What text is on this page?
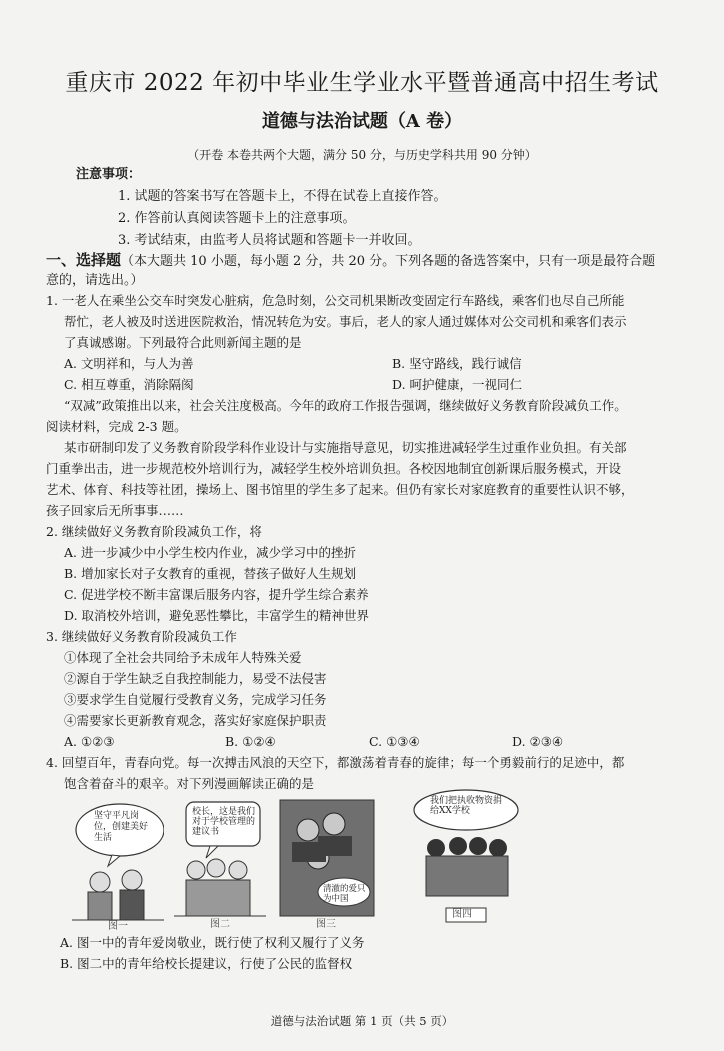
重庆市 2022 年初中毕业生学业水平暨普通高中招生考试
道德与法治试题（A 卷）
（开卷 本卷共两个大题，满分 50 分，与历史学科共用 90 分钟）
注意事项：
1. 试题的答案书写在答题卡上，不得在试卷上直接作答。
2. 作答前认真阅读答题卡上的注意事项。
3. 考试结束，由监考人员将试题和答题卡一并收回。
一、选择题（本大题共 10 小题，每小题 2 分，共 20 分。下列各题的备选答案中，只有一项是最符合题
意的，请选出。）
1. 一老人在乘坐公交车时突发心脏病，危急时刻，公交司机果断改变固定行车路线，乘客们也尽自己所能
帮忙，老人被及时送进医院救治，情况转危为安。事后，老人的家人通过媒体对公交司机和乘客们表示
了真诚感谢。下列最符合此则新闻主题的是
A. 文明祥和，与人为善	B. 坚守路线，践行诚信
C. 相互尊重，消除隔阂	D. 呵护健康，一视同仁
“双减”政策推出以来，社会关注度极高。今年的政府工作报告强调，继续做好义务教育阶段减负工作。
阅读材料，完成 2-3 题。
某市研制印发了义务教育阶段学科作业设计与实施指导意见，切实推进减轻学生过重作业负担。有关部
门重拳出击，进一步规范校外培训行为，减轻学生校外培训负担。各校因地制宜创新课后服务模式，开设
艺术、体育、科技等社团，操场上、图书馆里的学生多了起来。但仍有家长对家庭教育的重要性认识不够，
孩子回家后无所事事……
2. 继续做好义务教育阶段减负工作，将
A. 进一步减少中小学生校内作业，减少学习中的挫折
B. 增加家长对子女教育的重视，替孩子做好人生规划
C. 促进学校不断丰富课后服务内容，提升学生综合素养
D. 取消校外培训，避免恶性攀比，丰富学生的精神世界
3. 继续做好义务教育阶段减负工作
①体现了全社会共同给予未成年人特殊关爱
②源自于学生缺乏自我控制能力，易受不法侵害
③要求学生自觉履行受教育义务，完成学习任务
④需要家长更新教育观念，落实好家庭保护职责
A. ①②③	B. ①②④	C. ①③④	D. ②③④
4. 回望百年，青春向党。每一次搏击风浪的天空下，都激荡着青春的旋律；每一个勇毅前行的足迹中，都
饱含着奋斗的艰辛。对下列漫画解读正确的是
坚守平凡岗位，创建美好生活
图一
校长，这是我们对于学校管理的建议书
图二
清澈的爱只为中国
图三
我们把执收物资捐给XX学校
图四
A. 图一中的青年爱岗敬业，既行使了权利又履行了义务
B. 图二中的青年给校长提建议，行使了公民的监督权
道德与法治试题 第 1 页（共 5 页）
